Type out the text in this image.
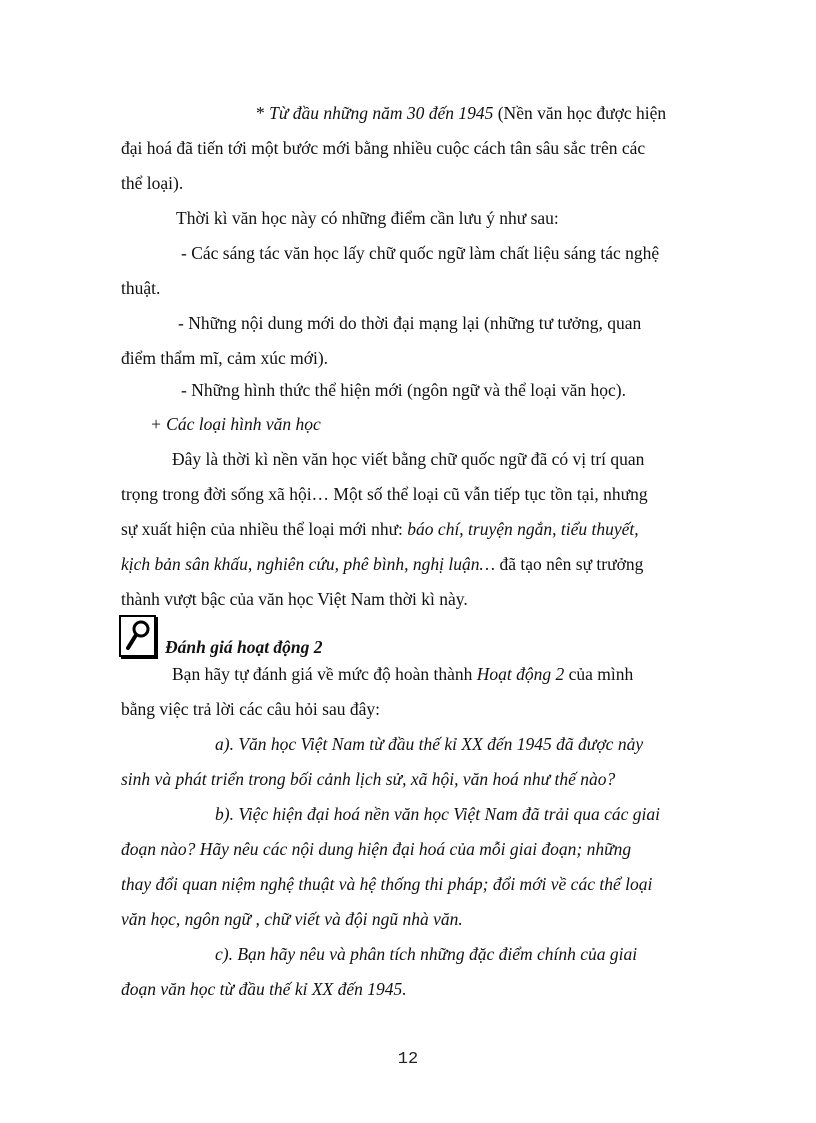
* Từ đầu những năm 30 đến 1945 (Nền văn học được hiện
đại hoá đã tiến tới một bước mới bằng nhiều cuộc cách tân sâu sắc trên các
thể loại).
Thời kì văn học này có những điểm cần lưu ý như sau:
- Các sáng tác văn học lấy chữ quốc ngữ làm chất liệu sáng tác nghệ
thuật.
- Những nội dung mới do thời đại mạng lại (những tư tưởng, quan
điểm thẩm mĩ, cảm xúc mới).
- Những hình thức thể hiện mới (ngôn ngữ và thể loại văn học).
+ Các loại hình văn học
Đây là thời kì nền văn học viết bằng chữ quốc ngữ đã có vị trí quan
trọng trong đời sống xã hội… Một số thể loại cũ vẫn tiếp tục tồn tại, nhưng
sự xuất hiện của nhiều thể loại mới như: báo chí, truyện ngắn, tiểu thuyết,
kịch bản sân khấu, nghiên cứu, phê bình, nghị luận… đã tạo nên sự trưởng
thành vượt bậc của văn học Việt Nam thời kì này.
Đánh giá hoạt động 2
Bạn hãy tự đánh giá về mức độ hoàn thành Hoạt động 2 của mình
bằng việc trả lời các câu hỏi sau đây:
a). Văn học Việt Nam từ đầu thế kỉ XX đến 1945 đã được nảy
sinh và phát triển trong bối cảnh lịch sử, xã hội, văn hoá như thế nào?
b). Việc hiện đại hoá nền văn học Việt Nam đã trải qua các giai
đoạn nào? Hãy nêu các nội dung hiện đại hoá của mỗi giai đoạn; những
thay đổi quan niệm nghệ thuật và hệ thống thi pháp; đổi mới về các thể loại
văn học, ngôn ngữ , chữ viết và đội ngũ nhà văn.
c). Bạn hãy nêu và phân tích những đặc điểm chính của giai
đoạn văn học từ đầu thế kỉ XX đến 1945.
12
